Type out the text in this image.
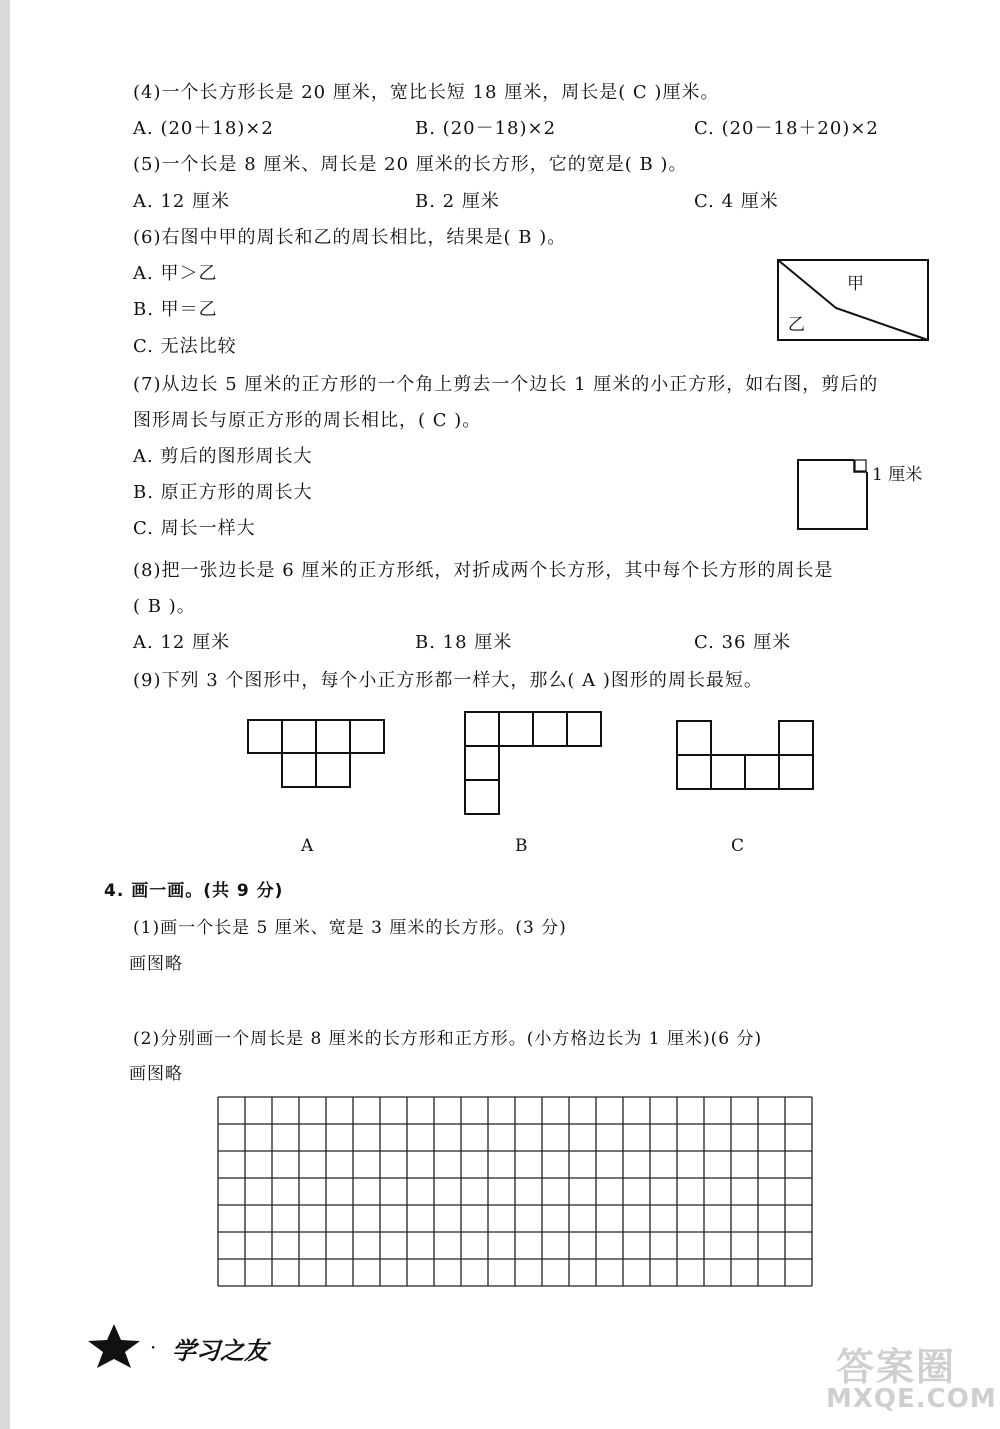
(4)一个长方形长是 20 厘米，宽比长短 18 厘米，周长是( C )厘米。
A. (20＋18)×2	B. (20－18)×2	C. (20－18＋20)×2
(5)一个长是 8 厘米、周长是 20 厘米的长方形，它的宽是( B )。
A. 12 厘米	B. 2 厘米	C. 4 厘米
(6)右图中甲的周长和乙的周长相比，结果是( B )。
A. 甲＞乙
B. 甲＝乙
C. 无法比较
甲
乙
(7)从边长 5 厘米的正方形的一个角上剪去一个边长 1 厘米的小正方形，如右图，剪后的
图形周长与原正方形的周长相比，( C )。
A. 剪后的图形周长大
B. 原正方形的周长大
C. 周长一样大
1 厘米
(8)把一张边长是 6 厘米的正方形纸，对折成两个长方形，其中每个长方形的周长是
( B )。
A. 12 厘米	B. 18 厘米	C. 36 厘米
(9)下列 3 个图形中，每个小正方形都一样大，那么( A )图形的周长最短。
A	B	C
4. 画一画。(共 9 分)
(1)画一个长是 5 厘米、宽是 3 厘米的长方形。(3 分)
画图略
(2)分别画一个周长是 8 厘米的长方形和正方形。(小方格边长为 1 厘米)(6 分)
画图略
· 学习之友	答案圈
MXQE.COM
